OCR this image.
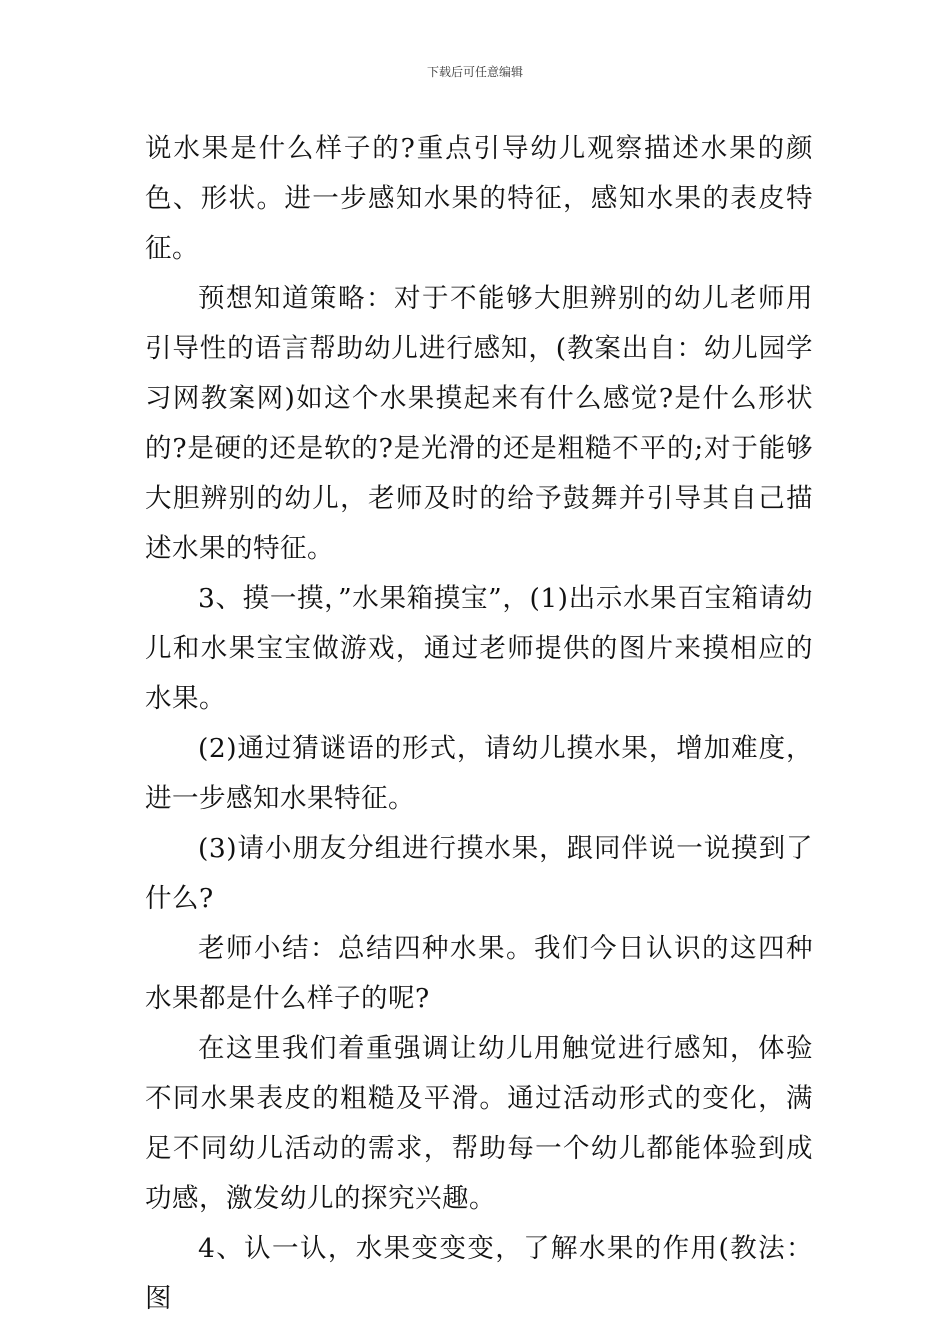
下载后可任意编辑

说水果是什么样子的?重点引导幼儿观察描述水果的颜色、形状。进一步感知水果的特征，感知水果的表皮特征。

预想知道策略：对于不能够大胆辨别的幼儿老师用引导性的语言帮助幼儿进行感知，(教案出自：幼儿园学习网教案网)如这个水果摸起来有什么感觉?是什么形状的?是硬的还是软的?是光滑的还是粗糙不平的;对于能够大胆辨别的幼儿，老师及时的给予鼓舞并引导其自己描述水果的特征。

3、摸一摸，”水果箱摸宝”，(1)出示水果百宝箱请幼儿和水果宝宝做游戏，通过老师提供的图片来摸相应的水果。

(2)通过猜谜语的形式，请幼儿摸水果，增加难度，进一步感知水果特征。

(3)请小朋友分组进行摸水果，跟同伴说一说摸到了什么?

老师小结：总结四种水果。我们今日认识的这四种水果都是什么样子的呢?

在这里我们着重强调让幼儿用触觉进行感知，体验不同水果表皮的粗糙及平滑。通过活动形式的变化，满足不同幼儿活动的需求，帮助每一个幼儿都能体验到成功感，激发幼儿的探究兴趣。

4、认一认，水果变变变，了解水果的作用(教法：图
